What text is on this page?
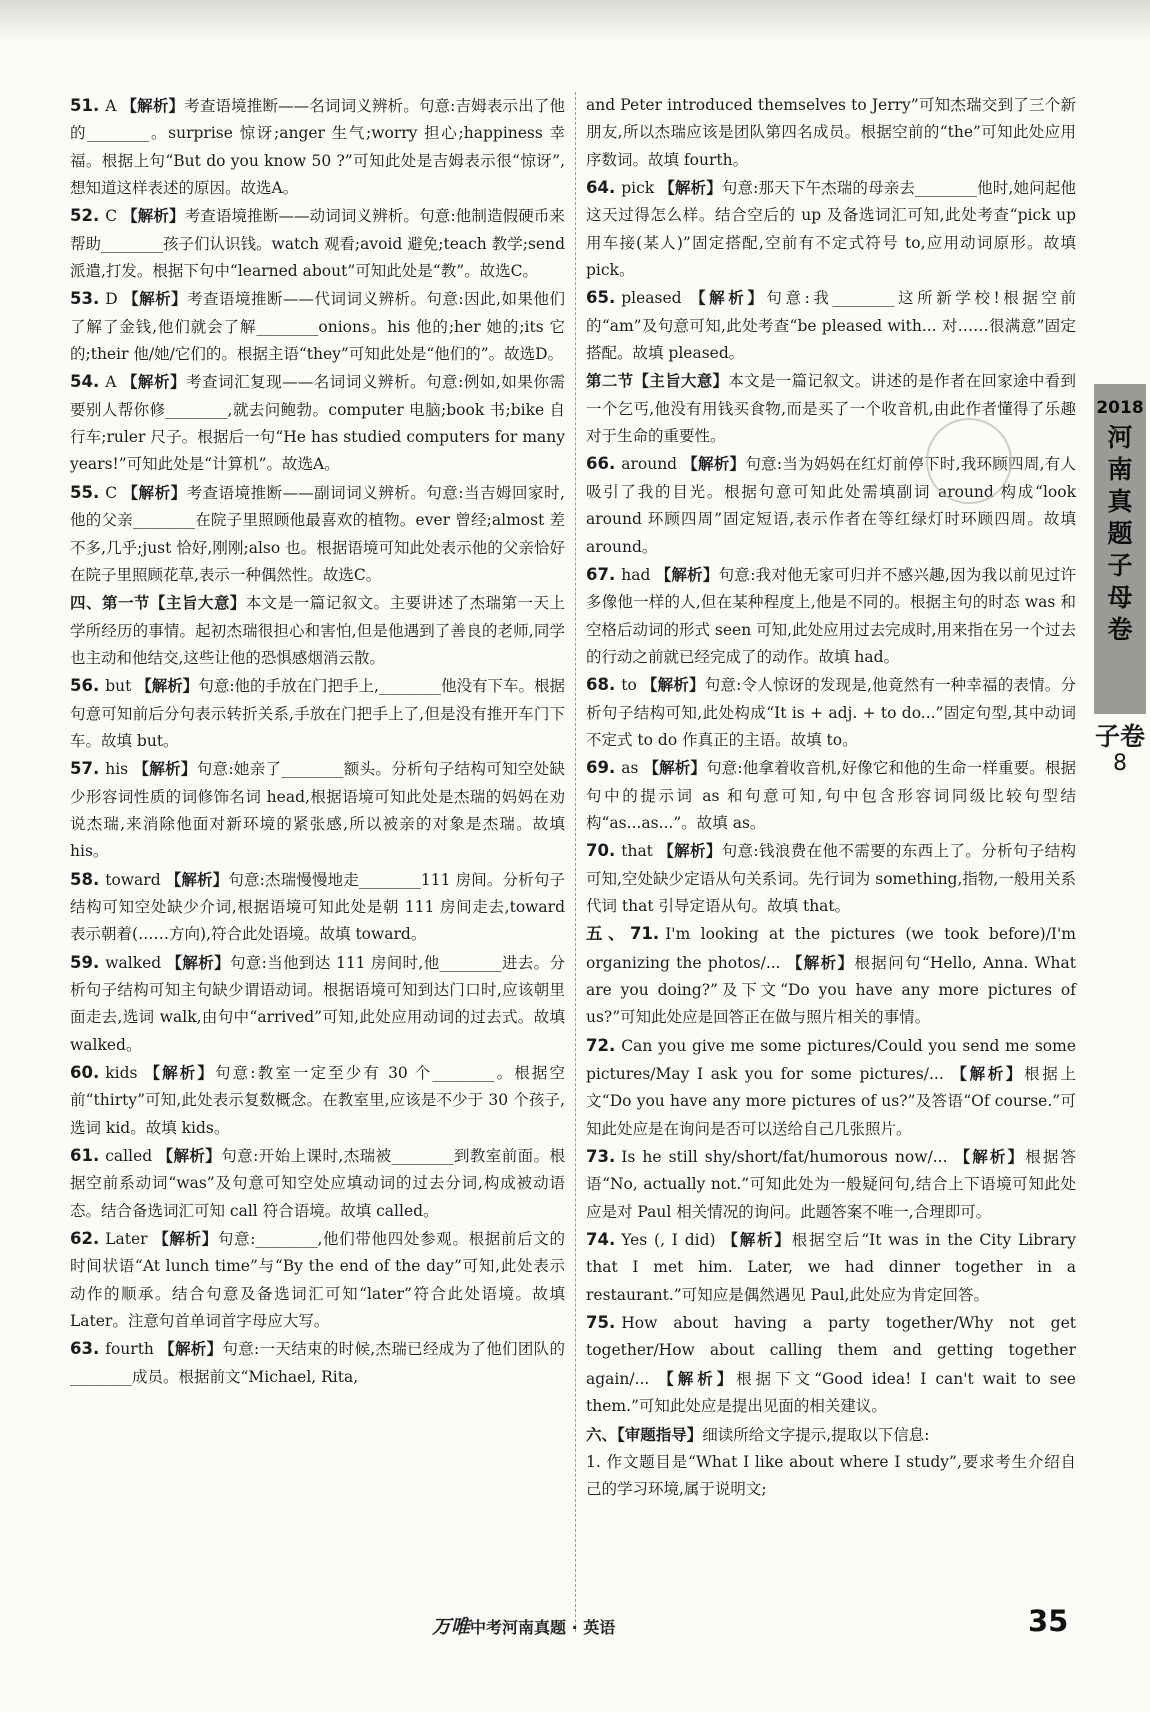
51. A 【解析】考查语境推断——名词词义辨析。句意:吉姆表示出了他的________。surprise 惊讶;anger 生气;worry 担心;happiness 幸福。根据上句“But do you know 50 ?”可知此处是吉姆表示很“惊讶”,想知道这样表述的原因。故选A。
52. C 【解析】考查语境推断——动词词义辨析。句意:他制造假硬币来帮助________孩子们认识钱。watch 观看;avoid 避免;teach 教学;send 派遣,打发。根据下句中“learned about”可知此处是“教”。故选C。
53. D 【解析】考查语境推断——代词词义辨析。句意:因此,如果他们了解了金钱,他们就会了解________onions。his 他的;her 她的;its 它的;their 他/她/它们的。根据主语“they”可知此处是“他们的”。故选D。
54. A 【解析】考查词汇复现——名词词义辨析。句意:例如,如果你需要别人帮你修________,就去问鲍勃。computer 电脑;book 书;bike 自行车;ruler 尺子。根据后一句“He has studied computers for many years!”可知此处是“计算机”。故选A。
55. C 【解析】考查语境推断——副词词义辨析。句意:当吉姆回家时,他的父亲________在院子里照顾他最喜欢的植物。ever 曾经;almost 差不多,几乎;just 恰好,刚刚;also 也。根据语境可知此处表示他的父亲恰好在院子里照顾花草,表示一种偶然性。故选C。
四、第一节【主旨大意】本文是一篇记叙文。主要讲述了杰瑞第一天上学所经历的事情。起初杰瑞很担心和害怕,但是他遇到了善良的老师,同学也主动和他结交,这些让他的恐惧感烟消云散。
56. but 【解析】句意:他的手放在门把手上,________他没有下车。根据句意可知前后分句表示转折关系,手放在门把手上了,但是没有推开车门下车。故填 but。
57. his 【解析】句意:她亲了________额头。分析句子结构可知空处缺少形容词性质的词修饰名词 head,根据语境可知此处是杰瑞的妈妈在劝说杰瑞,来消除他面对新环境的紧张感,所以被亲的对象是杰瑞。故填 his。
58. toward 【解析】句意:杰瑞慢慢地走________111 房间。分析句子结构可知空处缺少介词,根据语境可知此处是朝 111 房间走去,toward 表示朝着(……方向),符合此处语境。故填 toward。
59. walked 【解析】句意:当他到达 111 房间时,他________进去。分析句子结构可知主句缺少谓语动词。根据语境可知到达门口时,应该朝里面走去,选词 walk,由句中“arrived”可知,此处应用动词的过去式。故填 walked。
60. kids 【解析】句意:教室一定至少有 30 个________。根据空前“thirty”可知,此处表示复数概念。在教室里,应该是不少于 30 个孩子,选词 kid。故填 kids。
61. called 【解析】句意:开始上课时,杰瑞被________到教室前面。根据空前系动词“was”及句意可知空处应填动词的过去分词,构成被动语态。结合备选词汇可知 call 符合语境。故填 called。
62. Later 【解析】句意:________,他们带他四处参观。根据前后文的时间状语“At lunch time”与“By the end of the day”可知,此处表示动作的顺承。结合句意及备选词汇可知“later”符合此处语境。故填 Later。注意句首单词首字母应大写。
63. fourth 【解析】句意:一天结束的时候,杰瑞已经成为了他们团队的________成员。根据前文“Michael, Rita,
and Peter introduced themselves to Jerry”可知杰瑞交到了三个新朋友,所以杰瑞应该是团队第四名成员。根据空前的“the”可知此处应用序数词。故填 fourth。
64. pick 【解析】句意:那天下午杰瑞的母亲去________他时,她问起他这天过得怎么样。结合空后的 up 及备选词汇可知,此处考查“pick up 用车接(某人)”固定搭配,空前有不定式符号 to,应用动词原形。故填 pick。
65. pleased 【解析】句意:我________这所新学校!根据空前的“am”及句意可知,此处考查“be pleased with... 对……很满意”固定搭配。故填 pleased。
第二节【主旨大意】本文是一篇记叙文。讲述的是作者在回家途中看到一个乞丐,他没有用钱买食物,而是买了一个收音机,由此作者懂得了乐趣对于生命的重要性。
66. around 【解析】句意:当为妈妈在红灯前停下时,我环顾四周,有人吸引了我的目光。根据句意可知此处需填副词 around 构成“look around 环顾四周”固定短语,表示作者在等红绿灯时环顾四周。故填 around。
67. had 【解析】句意:我对他无家可归并不感兴趣,因为我以前见过许多像他一样的人,但在某种程度上,他是不同的。根据主句的时态 was 和空格后动词的形式 seen 可知,此处应用过去完成时,用来指在另一个过去的行动之前就已经完成了的动作。故填 had。
68. to 【解析】句意:令人惊讶的发现是,他竟然有一种幸福的表情。分析句子结构可知,此处构成“It is + adj. + to do...”固定句型,其中动词不定式 to do 作真正的主语。故填 to。
69. as 【解析】句意:他拿着收音机,好像它和他的生命一样重要。根据句中的提示词 as 和句意可知,句中包含形容词同级比较句型结构“as...as...”。故填 as。
70. that 【解析】句意:钱浪费在他不需要的东西上了。分析句子结构可知,空处缺少定语从句关系词。先行词为 something,指物,一般用关系代词 that 引导定语从句。故填 that。
五、71. I'm looking at the pictures (we took before)/I'm organizing the photos/... 【解析】根据问句“Hello, Anna. What are you doing?”及下文“Do you have any more pictures of us?”可知此处应是回答正在做与照片相关的事情。
72. Can you give me some pictures/Could you send me some pictures/May I ask you for some pictures/... 【解析】根据上文“Do you have any more pictures of us?”及答语“Of course.”可知此处应是在询问是否可以送给自己几张照片。
73. Is he still shy/short/fat/humorous now/... 【解析】根据答语“No, actually not.”可知此处为一般疑问句,结合上下语境可知此处应是对 Paul 相关情况的询问。此题答案不唯一,合理即可。
74. Yes (, I did) 【解析】根据空后“It was in the City Library that I met him. Later, we had dinner together in a restaurant.”可知应是偶然遇见 Paul,此处应为肯定回答。
75. How about having a party together/Why not get together/How about calling them and getting together again/... 【解析】根据下文“Good idea! I can't wait to see them.”可知此处应是提出见面的相关建议。
六、【审题指导】细读所给文字提示,提取以下信息:
1. 作文题目是“What I like about where I study”,要求考生介绍自己的学习环境,属于说明文;
2018
河
南
真
题
子
母
卷
子卷
8
万唯中考河南真题 · 英语	35
